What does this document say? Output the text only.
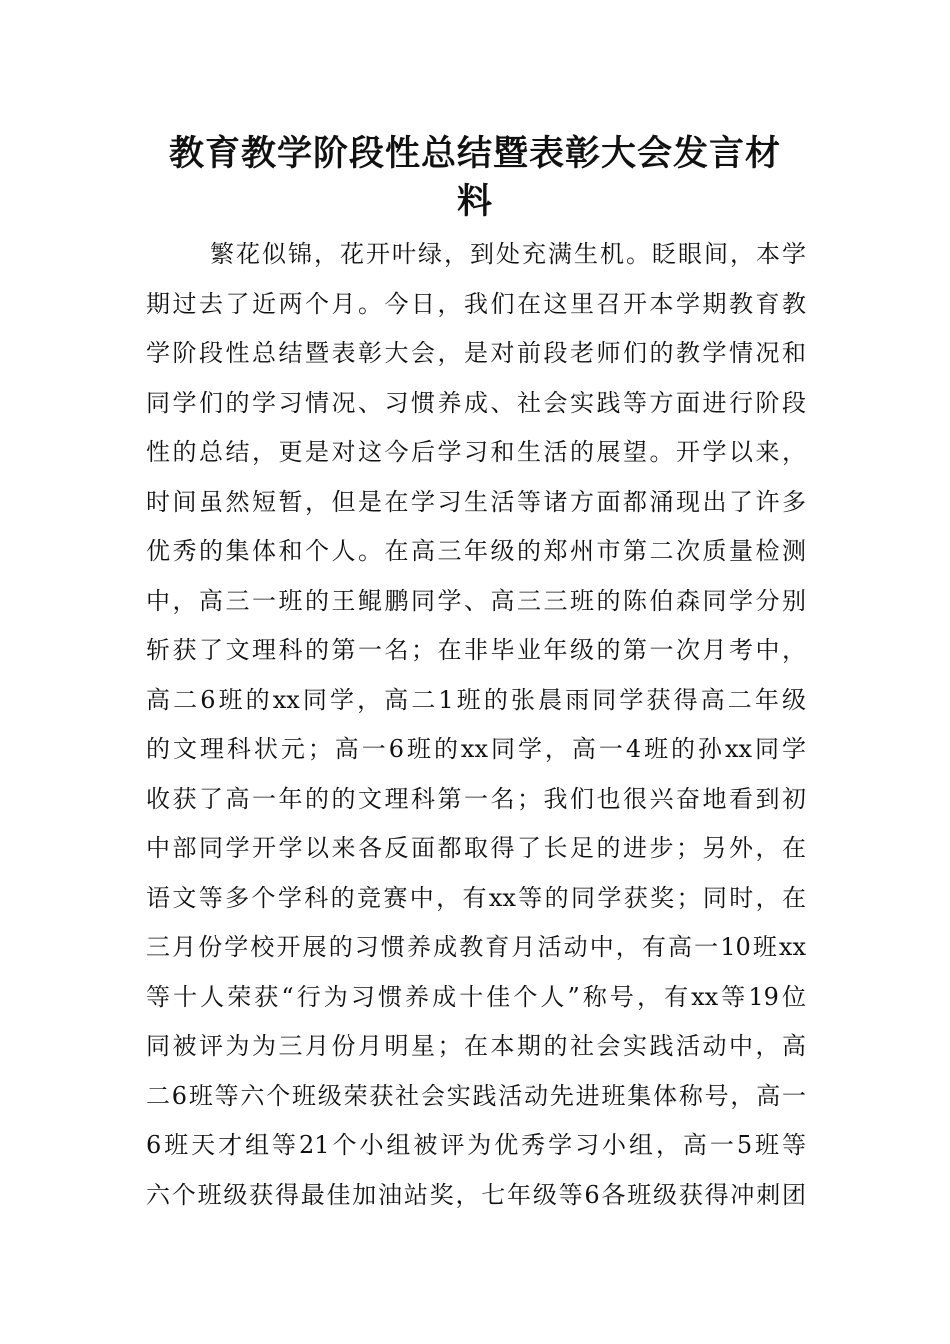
教育教学阶段性总结暨表彰大会发言材
料
繁花似锦，花开叶绿，到处充满生机。眨眼间，本学
期过去了近两个月。今日，我们在这里召开本学期教育教
学阶段性总结暨表彰大会，是对前段老师们的教学情况和
同学们的学习情况、习惯养成、社会实践等方面进行阶段
性的总结，更是对这今后学习和生活的展望。开学以来，
时间虽然短暂，但是在学习生活等诸方面都涌现出了许多
优秀的集体和个人。在高三年级的郑州市第二次质量检测
中，高三一班的王鲲鹏同学、高三三班的陈伯森同学分别
斩获了文理科的第一名；在非毕业年级的第一次月考中，
高二6班的xx同学，高二1班的张晨雨同学获得高二年级
的文理科状元；高一6班的xx同学，高一4班的孙xx同学
收获了高一年的的文理科第一名；我们也很兴奋地看到初
中部同学开学以来各反面都取得了长足的进步；另外，在
语文等多个学科的竞赛中，有xx等的同学获奖；同时，在
三月份学校开展的习惯养成教育月活动中，有高一10班xx
等十人荣获“行为习惯养成十佳个人”称号，有xx等19位
同被评为为三月份月明星；在本期的社会实践活动中，高
二6班等六个班级荣获社会实践活动先进班集体称号，高一
6班天才组等21个小组被评为优秀学习小组，高一5班等
六个班级获得最佳加油站奖，七年级等6各班级获得冲刺团
